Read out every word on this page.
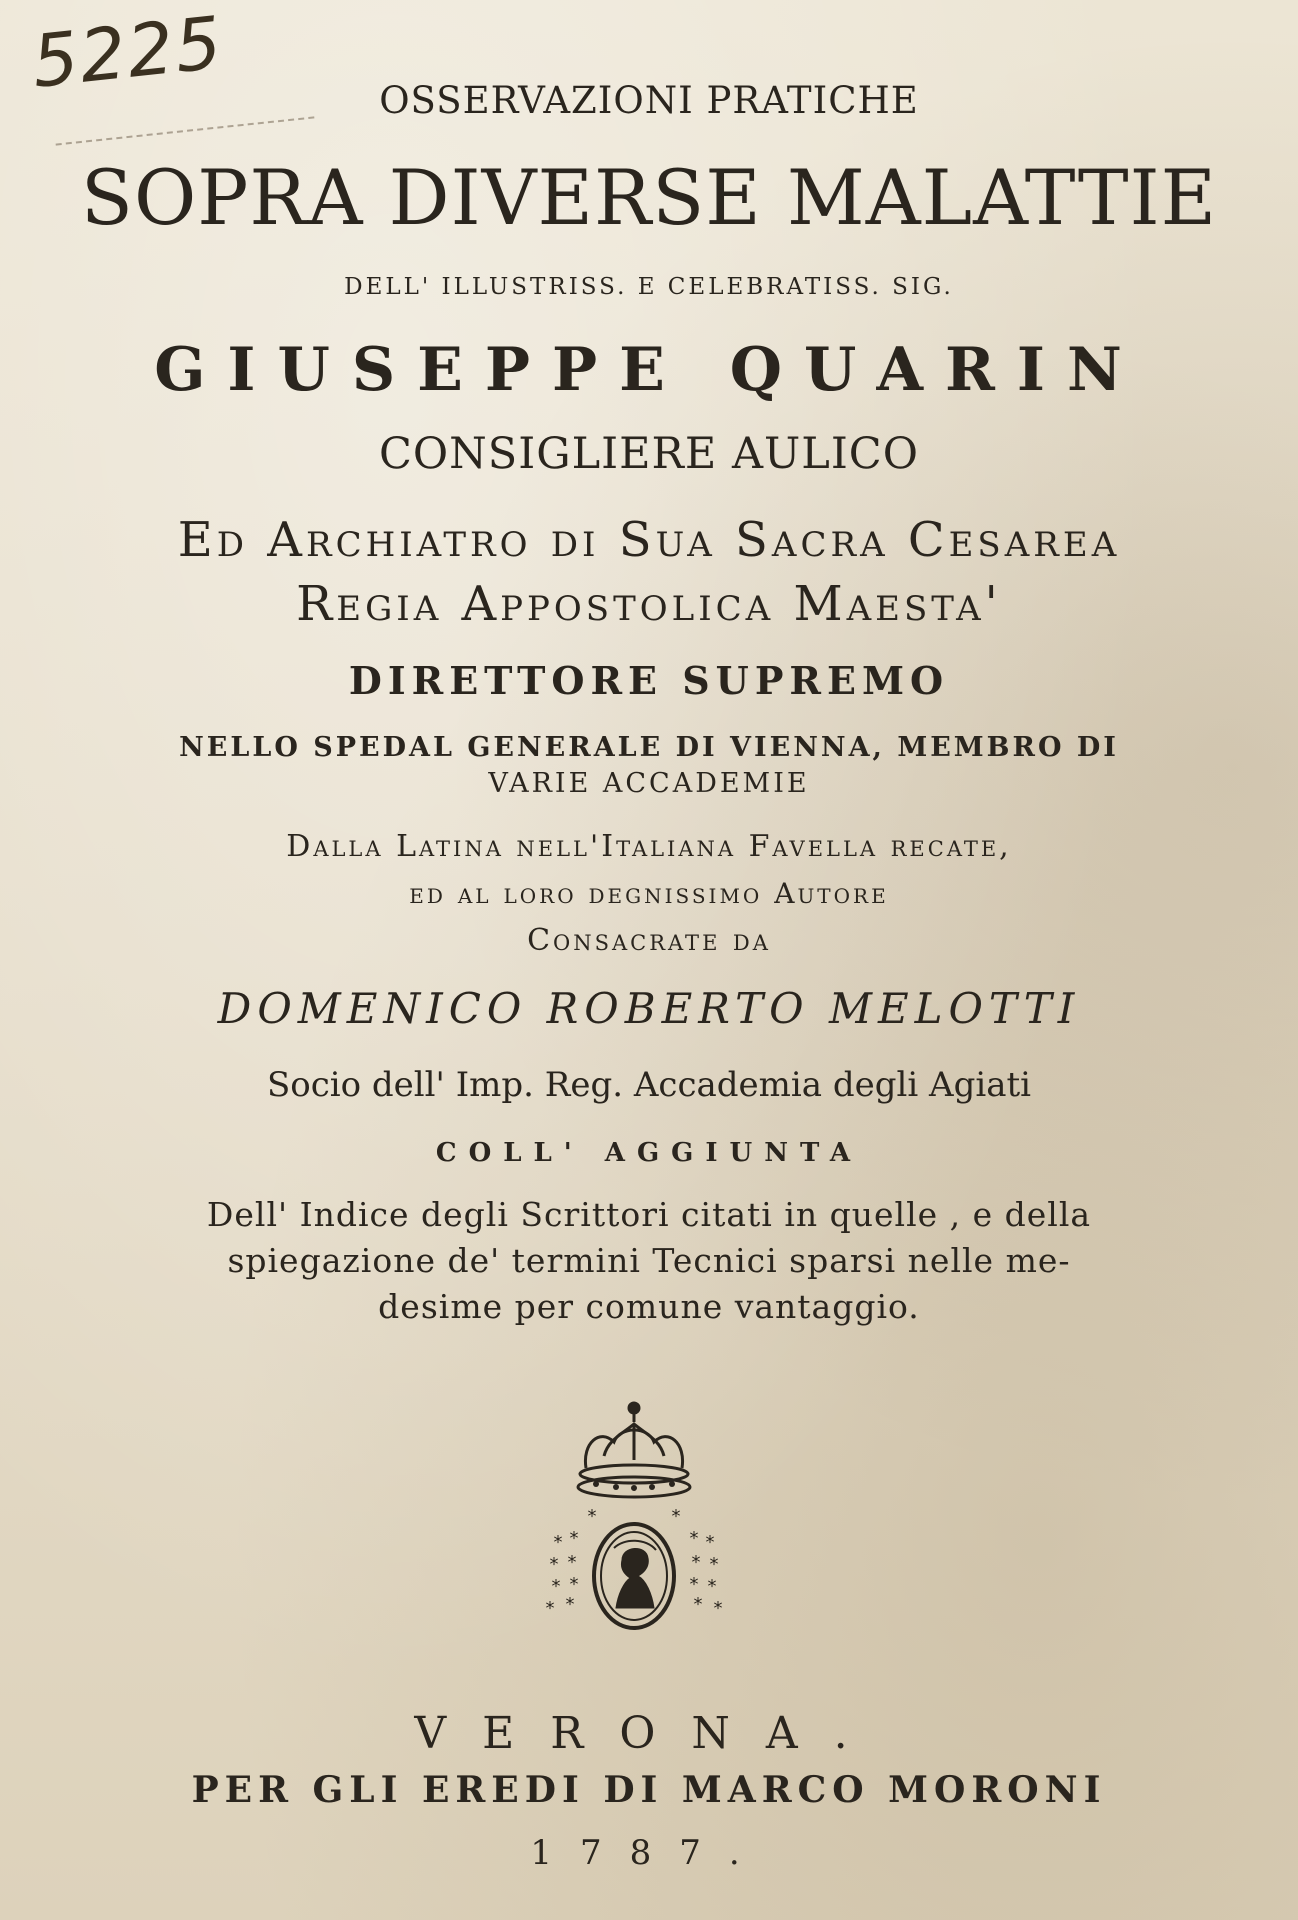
5225	OSSERVAZIONI PRATICHE
SOPRA DIVERSE MALATTIE
DELL' ILLUSTRISS. E CELEBRATISS. SIG.
GIUSEPPE QUARIN
CONSIGLIERE AULICO
Ed Archiatro di Sua Sacra Cesarea
Regia Appostolica Maesta'
DIRETTORE SUPREMO
NELLO SPEDAL GENERALE DI VIENNA, MEMBRO DI
VARIE ACCADEMIE
Dalla Latina nell'Italiana Favella recate,
ed al loro degnissimo Autore
Consacrate da
DOMENICO ROBERTO MELOTTI
Socio dell' Imp. Reg. Accademia degli Agiati
COLL' AGGIUNTA
Dell' Indice degli Scrittori citati in quelle , e della
spiegazione de' termini Tecnici sparsi nelle me-
desime per comune vantaggio.
*	*
* *	* *
* *	* *
* *	* *
* *	* *
VERONA.
PER GLI EREDI DI MARCO MORONI
1787.
